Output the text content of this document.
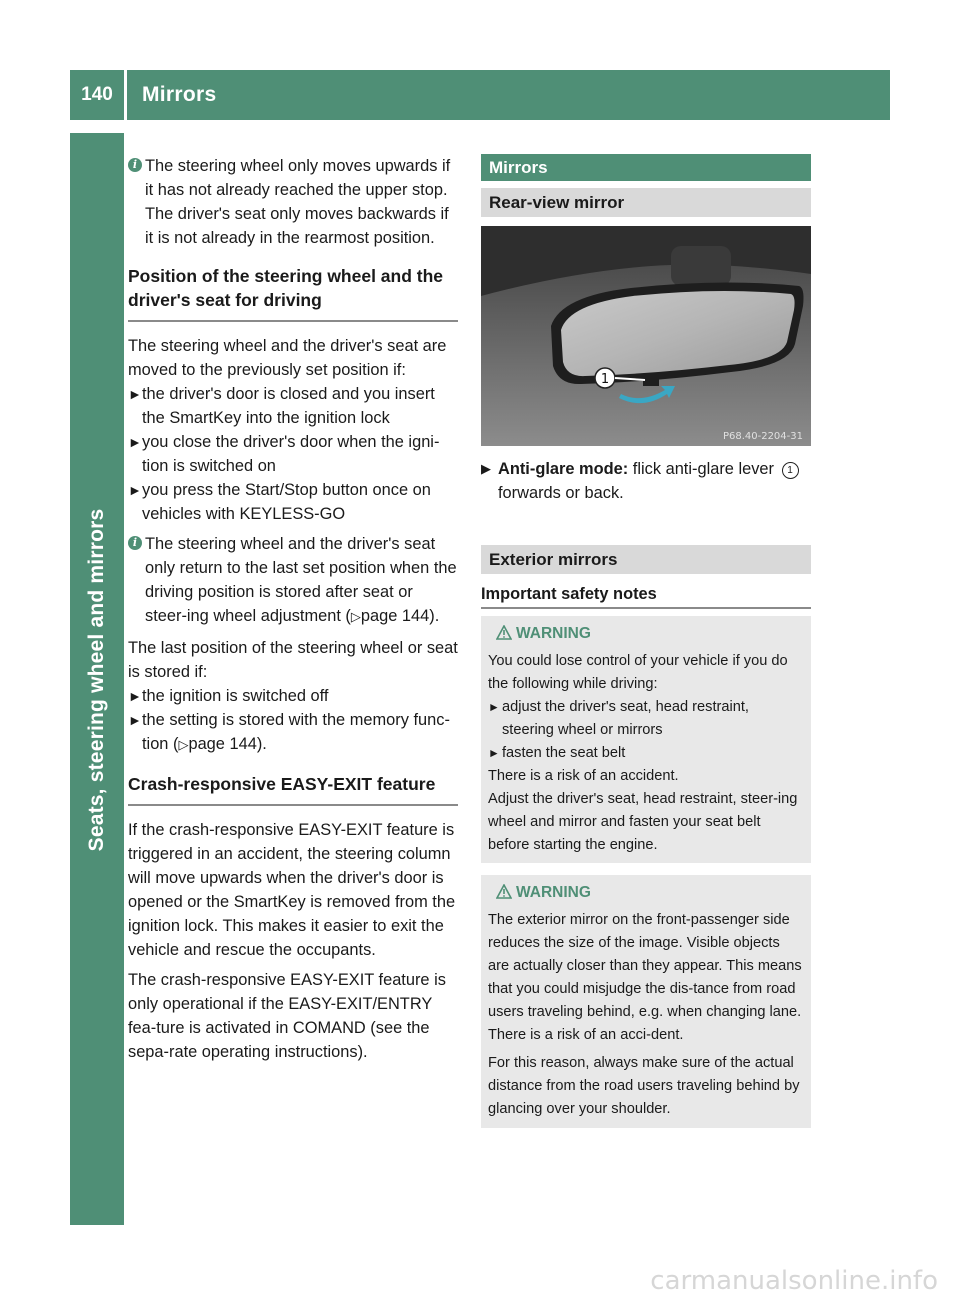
140	Mirrors
Seats, steering wheel and mirrors

i The steering wheel only moves upwards if it has not already reached the upper stop. The driver's seat only moves backwards if it is not already in the rearmost position.

Position of the steering wheel and the driver's seat for driving

The steering wheel and the driver's seat are moved to the previously set position if:

► the driver's door is closed and you insert the SmartKey into the ignition lock

► you close the driver's door when the igni-tion is switched on

► you press the Start/Stop button once on vehicles with KEYLESS-GO

i The steering wheel and the driver's seat only return to the last set position when the driving position is stored after seat or steer-ing wheel adjustment (▷page 144).

The last position of the steering wheel or seat is stored if:

► the ignition is switched off

► the setting is stored with the memory func-tion (▷page 144).

Crash-responsive EASY-EXIT feature

If the crash-responsive EASY-EXIT feature is triggered in an accident, the steering column will move upwards when the driver's door is opened or the SmartKey is removed from the ignition lock. This makes it easier to exit the vehicle and rescue the occupants.

The crash-responsive EASY-EXIT feature is only operational if the EASY-EXIT/ENTRY fea-ture is activated in COMAND (see the sepa-rate operating instructions).

Mirrors
Rear-view mirror
1
P68.40-2204-31
▶ Anti-glare mode: flick anti-glare lever 1
forwards or back.
Exterior mirrors
Important safety notes
WARNING

You could lose control of your vehicle if you do the following while driving:

► adjust the driver's seat, head restraint, steering wheel or mirrors

► fasten the seat belt

There is a risk of an accident.

Adjust the driver's seat, head restraint, steer-ing wheel and mirror and fasten your seat belt before starting the engine.

WARNING

The exterior mirror on the front-passenger side reduces the size of the image. Visible objects are actually closer than they appear. This means that you could misjudge the dis-tance from road users traveling behind, e.g. when changing lane. There is a risk of an acci-dent.

For this reason, always make sure of the actual distance from the road users traveling behind by glancing over your shoulder.

carmanualsonline.info
